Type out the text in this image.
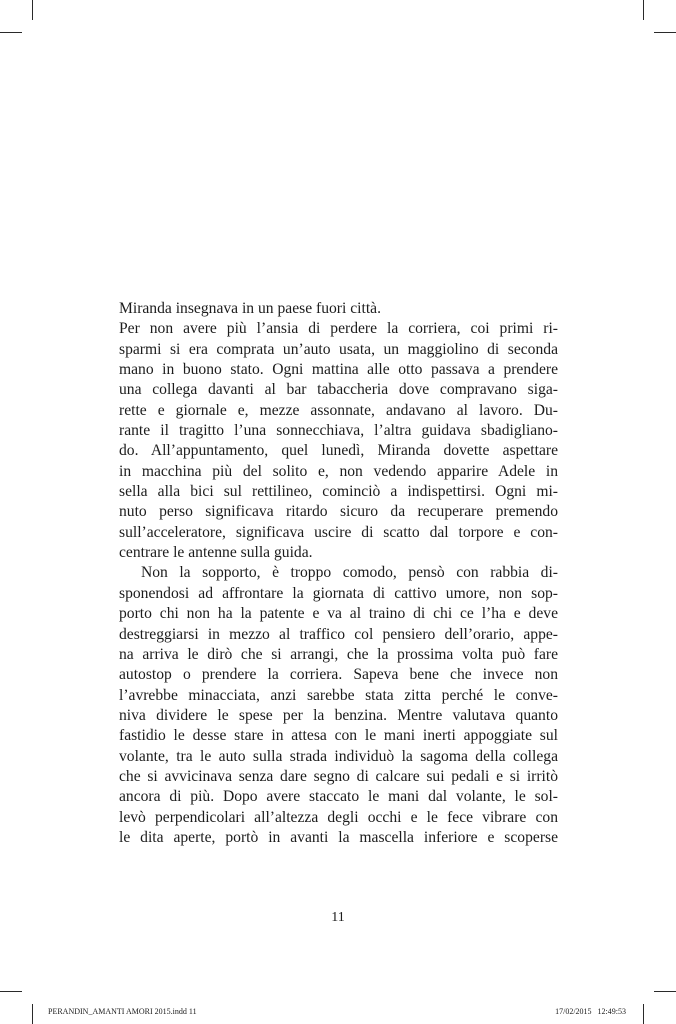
Miranda insegnava in un paese fuori città.
Per non avere più l’ansia di perdere la corriera, coi primi ri-
sparmi si era comprata un’auto usata, un maggiolino di seconda
mano in buono stato. Ogni mattina alle otto passava a prendere
una collega davanti al bar tabaccheria dove compravano siga-
rette e giornale e, mezze assonnate, andavano al lavoro. Du-
rante il tragitto l’una sonnecchiava, l’altra guidava sbadigliano-
do. All’appuntamento, quel lunedì, Miranda dovette aspettare
in macchina più del solito e, non vedendo apparire Adele in
sella alla bici sul rettilineo, cominciò a indispettirsi. Ogni mi-
nuto perso significava ritardo sicuro da recuperare premendo
sull’acceleratore, significava uscire di scatto dal torpore e con-
centrare le antenne sulla guida.
Non la sopporto, è troppo comodo, pensò con rabbia di-
sponendosi ad affrontare la giornata di cattivo umore, non sop-
porto chi non ha la patente e va al traino di chi ce l’ha e deve
destreggiarsi in mezzo al traffico col pensiero dell’orario, appe-
na arriva le dirò che si arrangi, che la prossima volta può fare
autostop o prendere la corriera. Sapeva bene che invece non
l’avrebbe minacciata, anzi sarebbe stata zitta perché le conve-
niva dividere le spese per la benzina. Mentre valutava quanto
fastidio le desse stare in attesa con le mani inerti appoggiate sul
volante, tra le auto sulla strada individuò la sagoma della collega
che si avvicinava senza dare segno di calcare sui pedali e si irritò
ancora di più. Dopo avere staccato le mani dal volante, le sol-
levò perpendicolari all’altezza degli occhi e le fece vibrare con
le dita aperte, portò in avanti la mascella inferiore e scoperse
11
PERANDIN_AMANTI AMORI 2015.indd 11	17/02/2015 12:49:53
